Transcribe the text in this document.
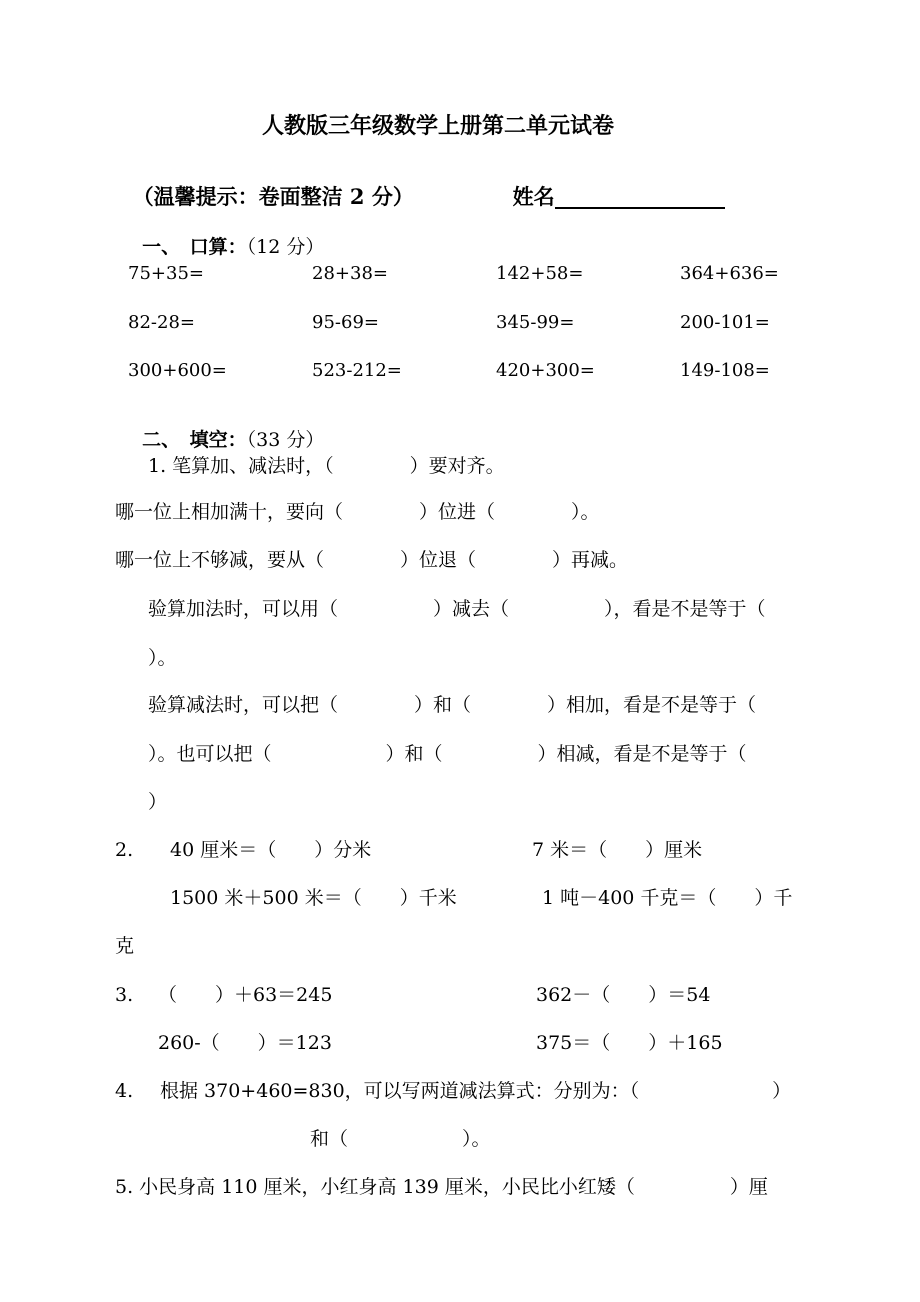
人教版三年级数学上册第二单元试卷

（温馨提示：卷面整洁 2 分）	姓名

一、　 口算：（12 分）

75+35=	28+38=	142+58=	364+636=
82-28=	95-69=	345-99=	200-101=
300+600=	523-212=	420+300=	149-108=

二、　 填空：（33 分）

1. 笔算加、减法时，（　　　　）要对齐。
哪一位上相加满十，要向（　　　　）位进（　　　　）。
哪一位上不够减，要从（　　　　）位退（　　　　）再减。
验算加法时，可以用（　　　　　）减去（　　　　　），看是不是等于（
）。
验算减法时，可以把（　　　　）和（　　　　）相加，看是不是等于（
）。也可以把（　　　　　　）和（　　　　　）相减，看是不是等于（
）
2. 40 厘米＝（　　）分米	7 米＝（　　）厘米
1500 米＋500 米＝（　　）千米	1 吨－400 千克＝（　　）千
克
3. （　　）＋63＝245	362－（　　）＝54
260-（　　）＝123	375＝（　　）＋165
4. 根据 370+460=830，可以写两道减法算式：分别为：（　　　　　　　）
和（　　　　　　）。
5. 小民身高 110 厘米，小红身高 139 厘米，小民比小红矮（　　　　　）厘
